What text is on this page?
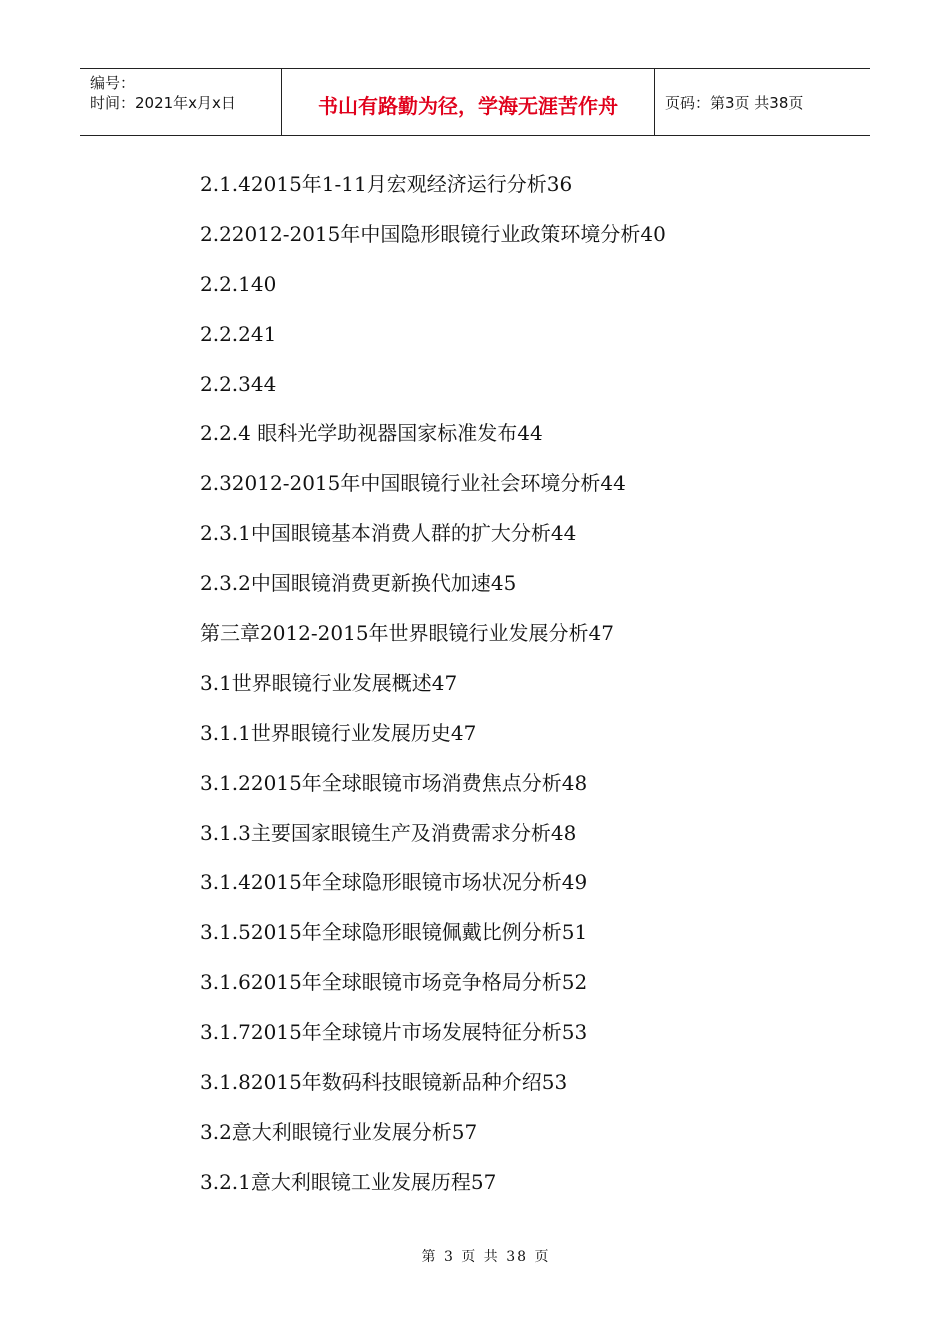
编号：
时间：2021年x月x日	书山有路勤为径，学海无涯苦作舟	页码：第3页 共38页
2.1.42015年1-11月宏观经济运行分析36
2.22012-2015年中国隐形眼镜行业政策环境分析40
2.2.140
2.2.241
2.2.344
2.2.4 眼科光学助视器国家标准发布44
2.32012-2015年中国眼镜行业社会环境分析44
2.3.1中国眼镜基本消费人群的扩大分析44
2.3.2中国眼镜消费更新换代加速45
第三章2012-2015年世界眼镜行业发展分析47
3.1世界眼镜行业发展概述47
3.1.1世界眼镜行业发展历史47
3.1.22015年全球眼镜市场消费焦点分析48
3.1.3主要国家眼镜生产及消费需求分析48
3.1.42015年全球隐形眼镜市场状况分析49
3.1.52015年全球隐形眼镜佩戴比例分析51
3.1.62015年全球眼镜市场竞争格局分析52
3.1.72015年全球镜片市场发展特征分析53
3.1.82015年数码科技眼镜新品种介绍53
3.2意大利眼镜行业发展分析57
3.2.1意大利眼镜工业发展历程57
第 3 页 共 38 页
